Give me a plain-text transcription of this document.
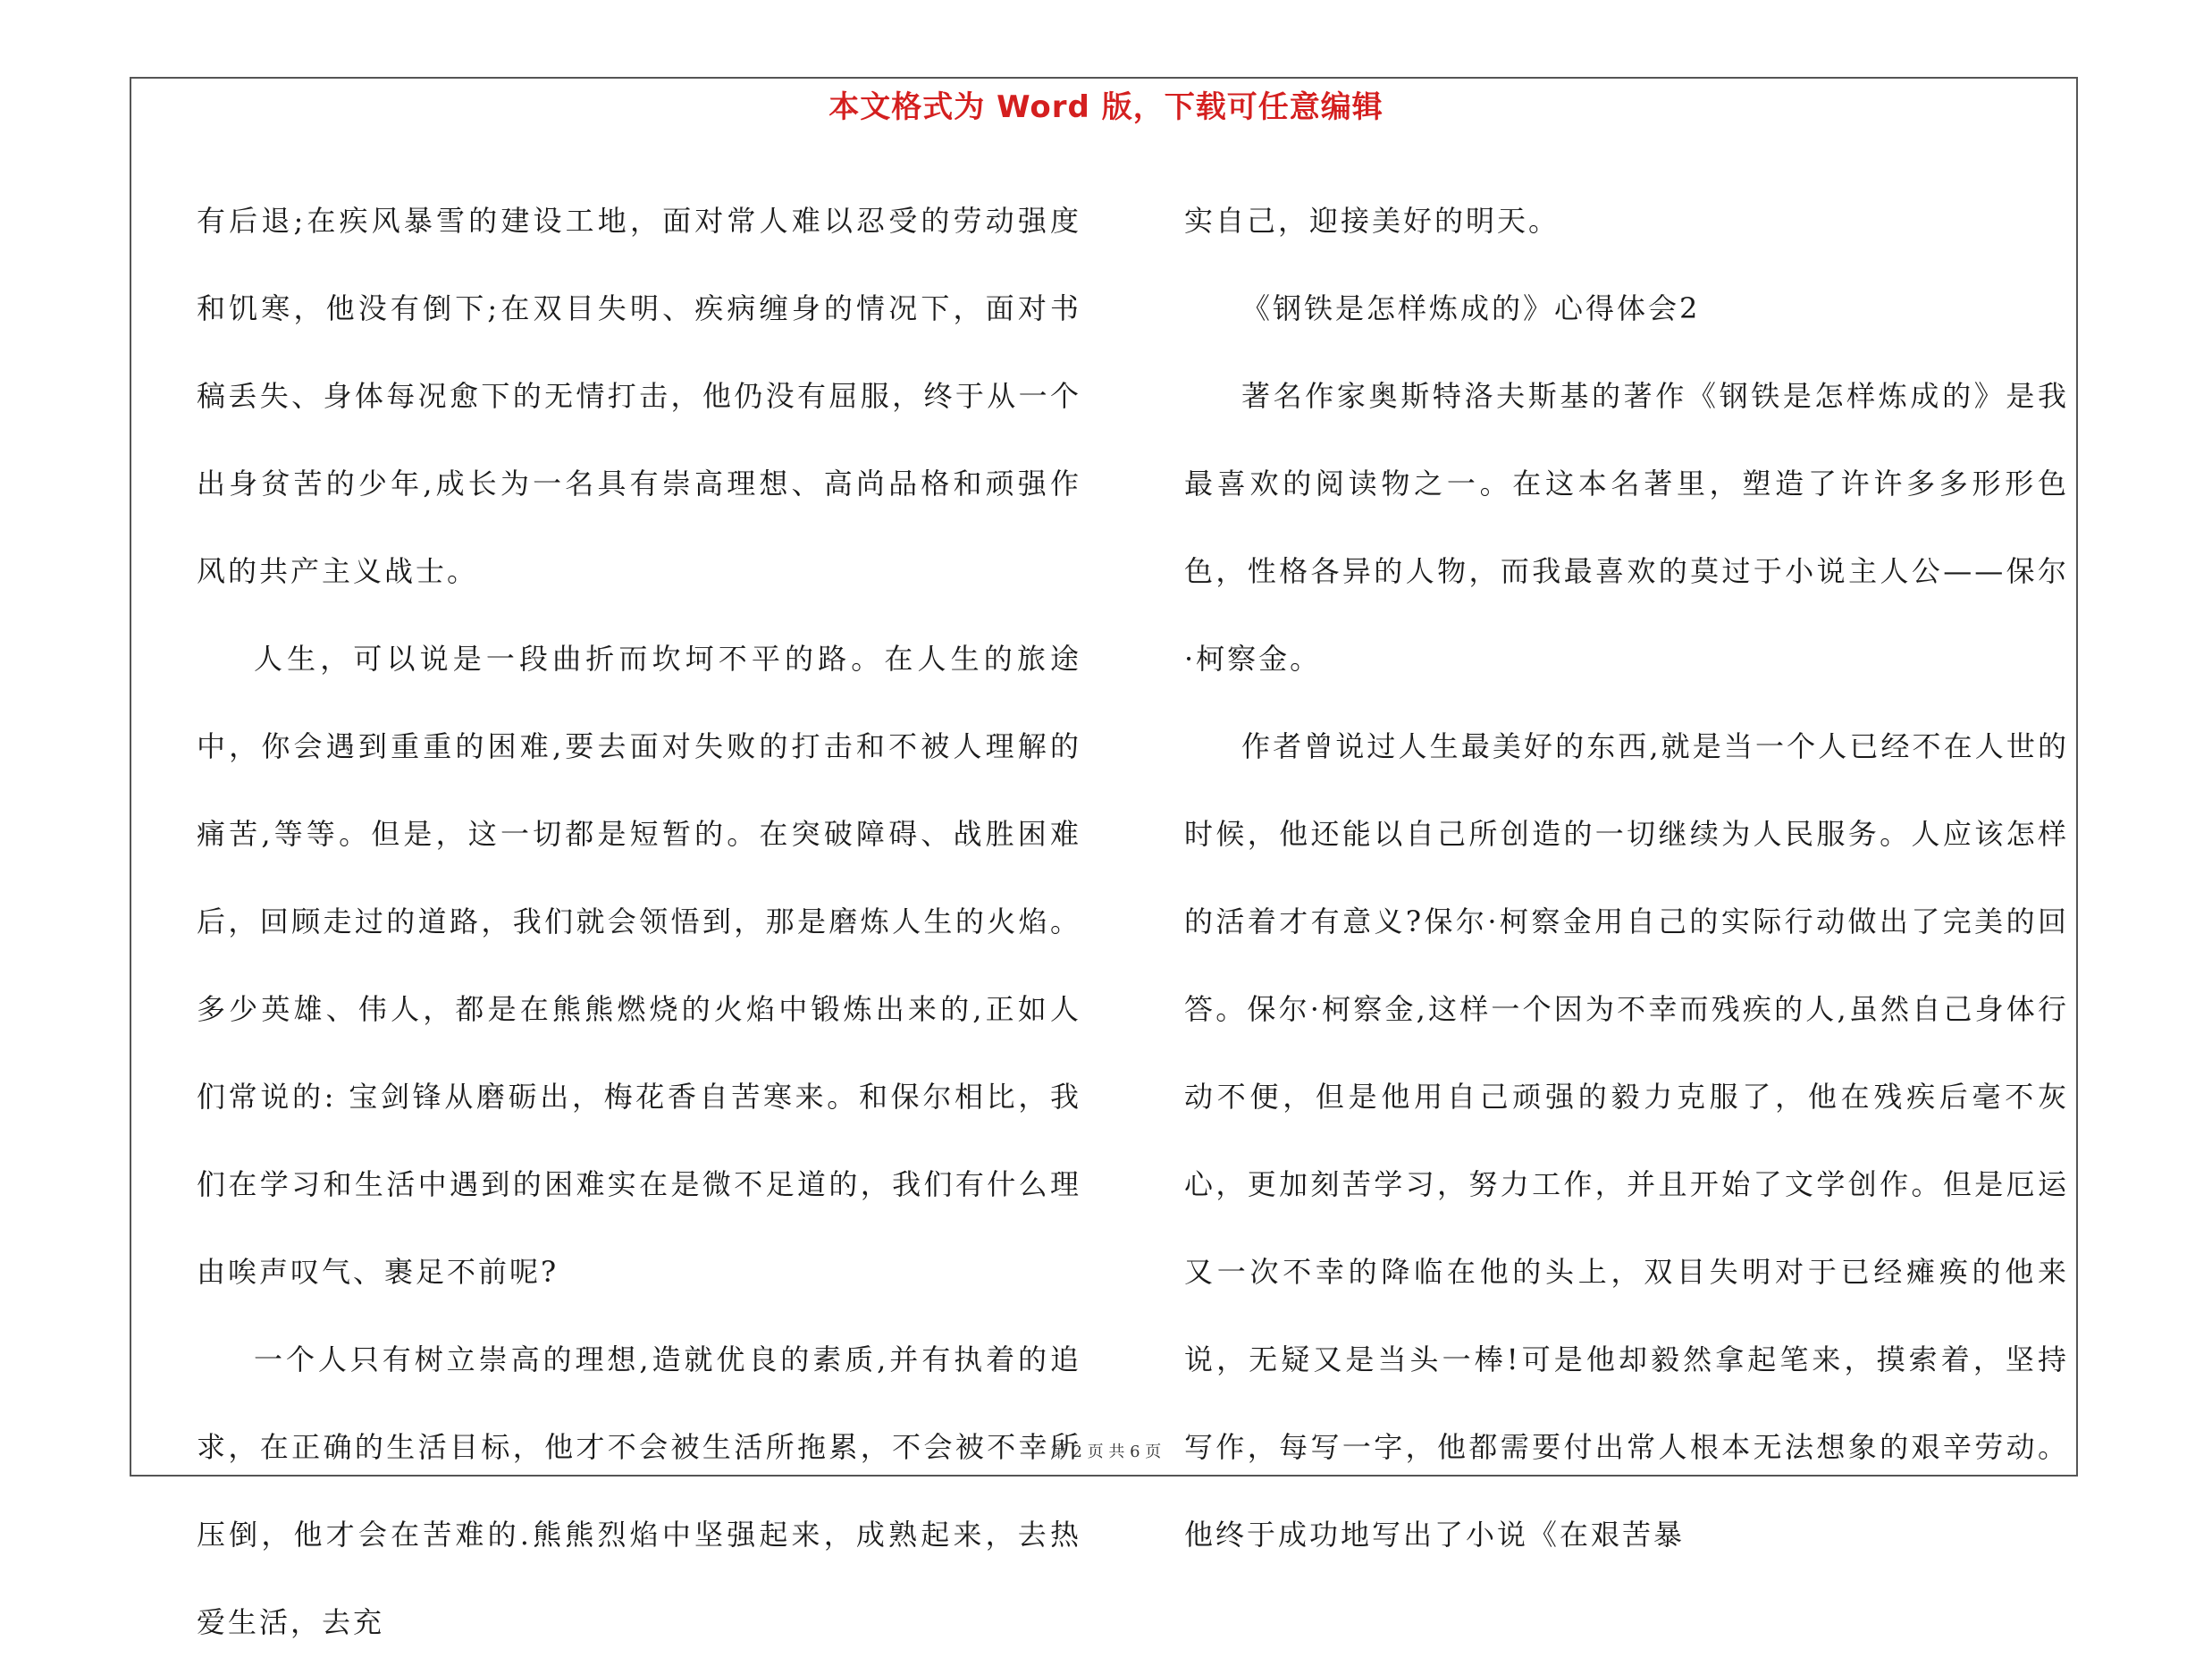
本文格式为 Word 版，下载可任意编辑

有后退;在疾风暴雪的建设工地，面对常人难以忍受的劳动强度和饥寒，他没有倒下;在双目失明、疾病缠身的情况下，面对书稿丢失、身体每况愈下的无情打击，他仍没有屈服，终于从一个出身贫苦的少年,成长为一名具有崇高理想、高尚品格和顽强作风的共产主义战士。

人生，可以说是一段曲折而坎坷不平的路。在人生的旅途中，你会遇到重重的困难,要去面对失败的打击和不被人理解的痛苦,等等。但是，这一切都是短暂的。在突破障碍、战胜困难后，回顾走过的道路，我们就会领悟到，那是磨炼人生的火焰。多少英雄、伟人，都是在熊熊燃烧的火焰中锻炼出来的,正如人们常说的: 宝剑锋从磨砺出，梅花香自苦寒来。和保尔相比，我们在学习和生活中遇到的困难实在是微不足道的，我们有什么理由唉声叹气、裹足不前呢?

一个人只有树立崇高的理想,造就优良的素质,并有执着的追求，在正确的生活目标，他才不会被生活所拖累，不会被不幸所压倒，他才会在苦难的.熊熊烈焰中坚强起来，成熟起来，去热爱生活，去充

实自己，迎接美好的明天。

《钢铁是怎样炼成的》心得体会2

著名作家奥斯特洛夫斯基的著作《钢铁是怎样炼成的》是我最喜欢的阅读物之一。在这本名著里，塑造了许许多多形形色色，性格各异的人物，而我最喜欢的莫过于小说主人公——保尔·柯察金。

作者曾说过人生最美好的东西,就是当一个人已经不在人世的时候，他还能以自己所创造的一切继续为人民服务。人应该怎样的活着才有意义?保尔·柯察金用自己的实际行动做出了完美的回答。保尔·柯察金,这样一个因为不幸而残疾的人,虽然自己身体行动不便，但是他用自己顽强的毅力克服了，他在残疾后毫不灰心，更加刻苦学习，努力工作，并且开始了文学创作。但是厄运又一次不幸的降临在他的头上，双目失明对于已经瘫痪的他来说，无疑又是当头一棒!可是他却毅然拿起笔来，摸索着，坚持写作，每写一字，他都需要付出常人根本无法想象的艰辛劳动。他终于成功地写出了小说《在艰苦暴

第 2 页 共 6 页
